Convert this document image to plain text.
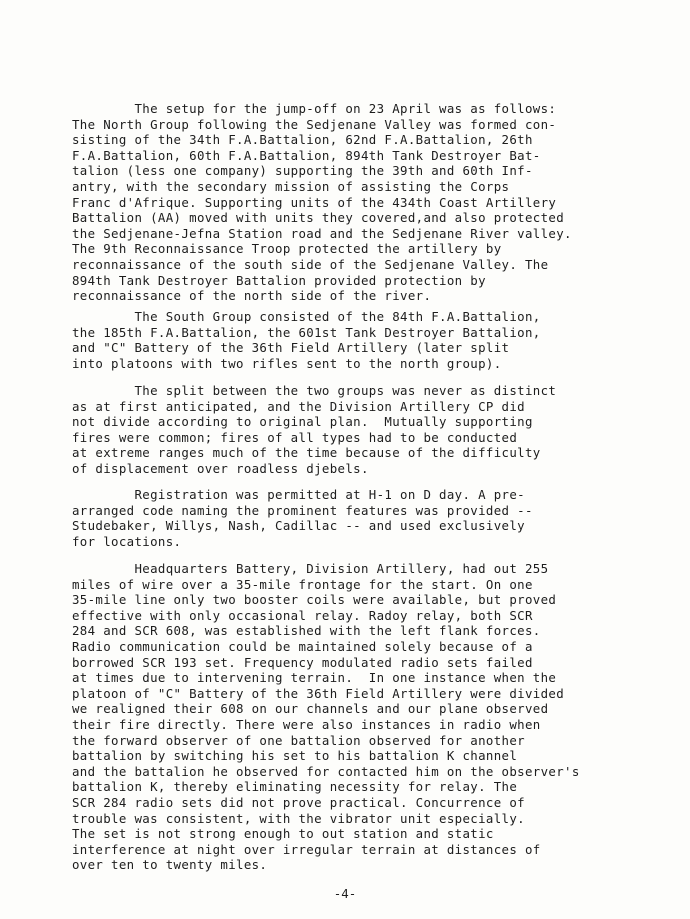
The setup for the jump-off on 23 April was as follows:
The North Group following the Sedjenane Valley was formed con-
sisting of the 34th F.A.Battalion, 62nd F.A.Battalion, 26th
F.A.Battalion, 60th F.A.Battalion, 894th Tank Destroyer Bat-
talion (less one company) supporting the 39th and 60th Inf-
antry, with the secondary mission of assisting the Corps
Franc d'Afrique. Supporting units of the 434th Coast Artillery
Battalion (AA) moved with units they covered,and also protected
the Sedjenane-Jefna Station road and the Sedjenane River valley.
The 9th Reconnaissance Troop protected the artillery by
reconnaissance of the south side of the Sedjenane Valley. The
894th Tank Destroyer Battalion provided protection by
reconnaissance of the north side of the river.
The South Group consisted of the 84th F.A.Battalion,
the 185th F.A.Battalion, the 601st Tank Destroyer Battalion,
and "C" Battery of the 36th Field Artillery (later split
into platoons with two rifles sent to the north group).
The split between the two groups was never as distinct
as at first anticipated, and the Division Artillery CP did
not divide according to original plan.  Mutually supporting
fires were common; fires of all types had to be conducted
at extreme ranges much of the time because of the difficulty
of displacement over roadless djebels.
Registration was permitted at H-1 on D day. A pre-
arranged code naming the prominent features was provided --
Studebaker, Willys, Nash, Cadillac -- and used exclusively
for locations.
Headquarters Battery, Division Artillery, had out 255
miles of wire over a 35-mile frontage for the start. On one
35-mile line only two booster coils were available, but proved
effective with only occasional relay. Radoy relay, both SCR
284 and SCR 608, was established with the left flank forces.
Radio communication could be maintained solely because of a
borrowed SCR 193 set. Frequency modulated radio sets failed
at times due to intervening terrain.  In one instance when the
platoon of "C" Battery of the 36th Field Artillery were divided
we realigned their 608 on our channels and our plane observed
their fire directly. There were also instances in radio when
the forward observer of one battalion observed for another
battalion by switching his set to his battalion K channel
and the battalion he observed for contacted him on the observer's
battalion K, thereby eliminating necessity for relay. The
SCR 284 radio sets did not prove practical. Concurrence of
trouble was consistent, with the vibrator unit especially.
The set is not strong enough to out station and static
interference at night over irregular terrain at distances of
over ten to twenty miles.
-4-
